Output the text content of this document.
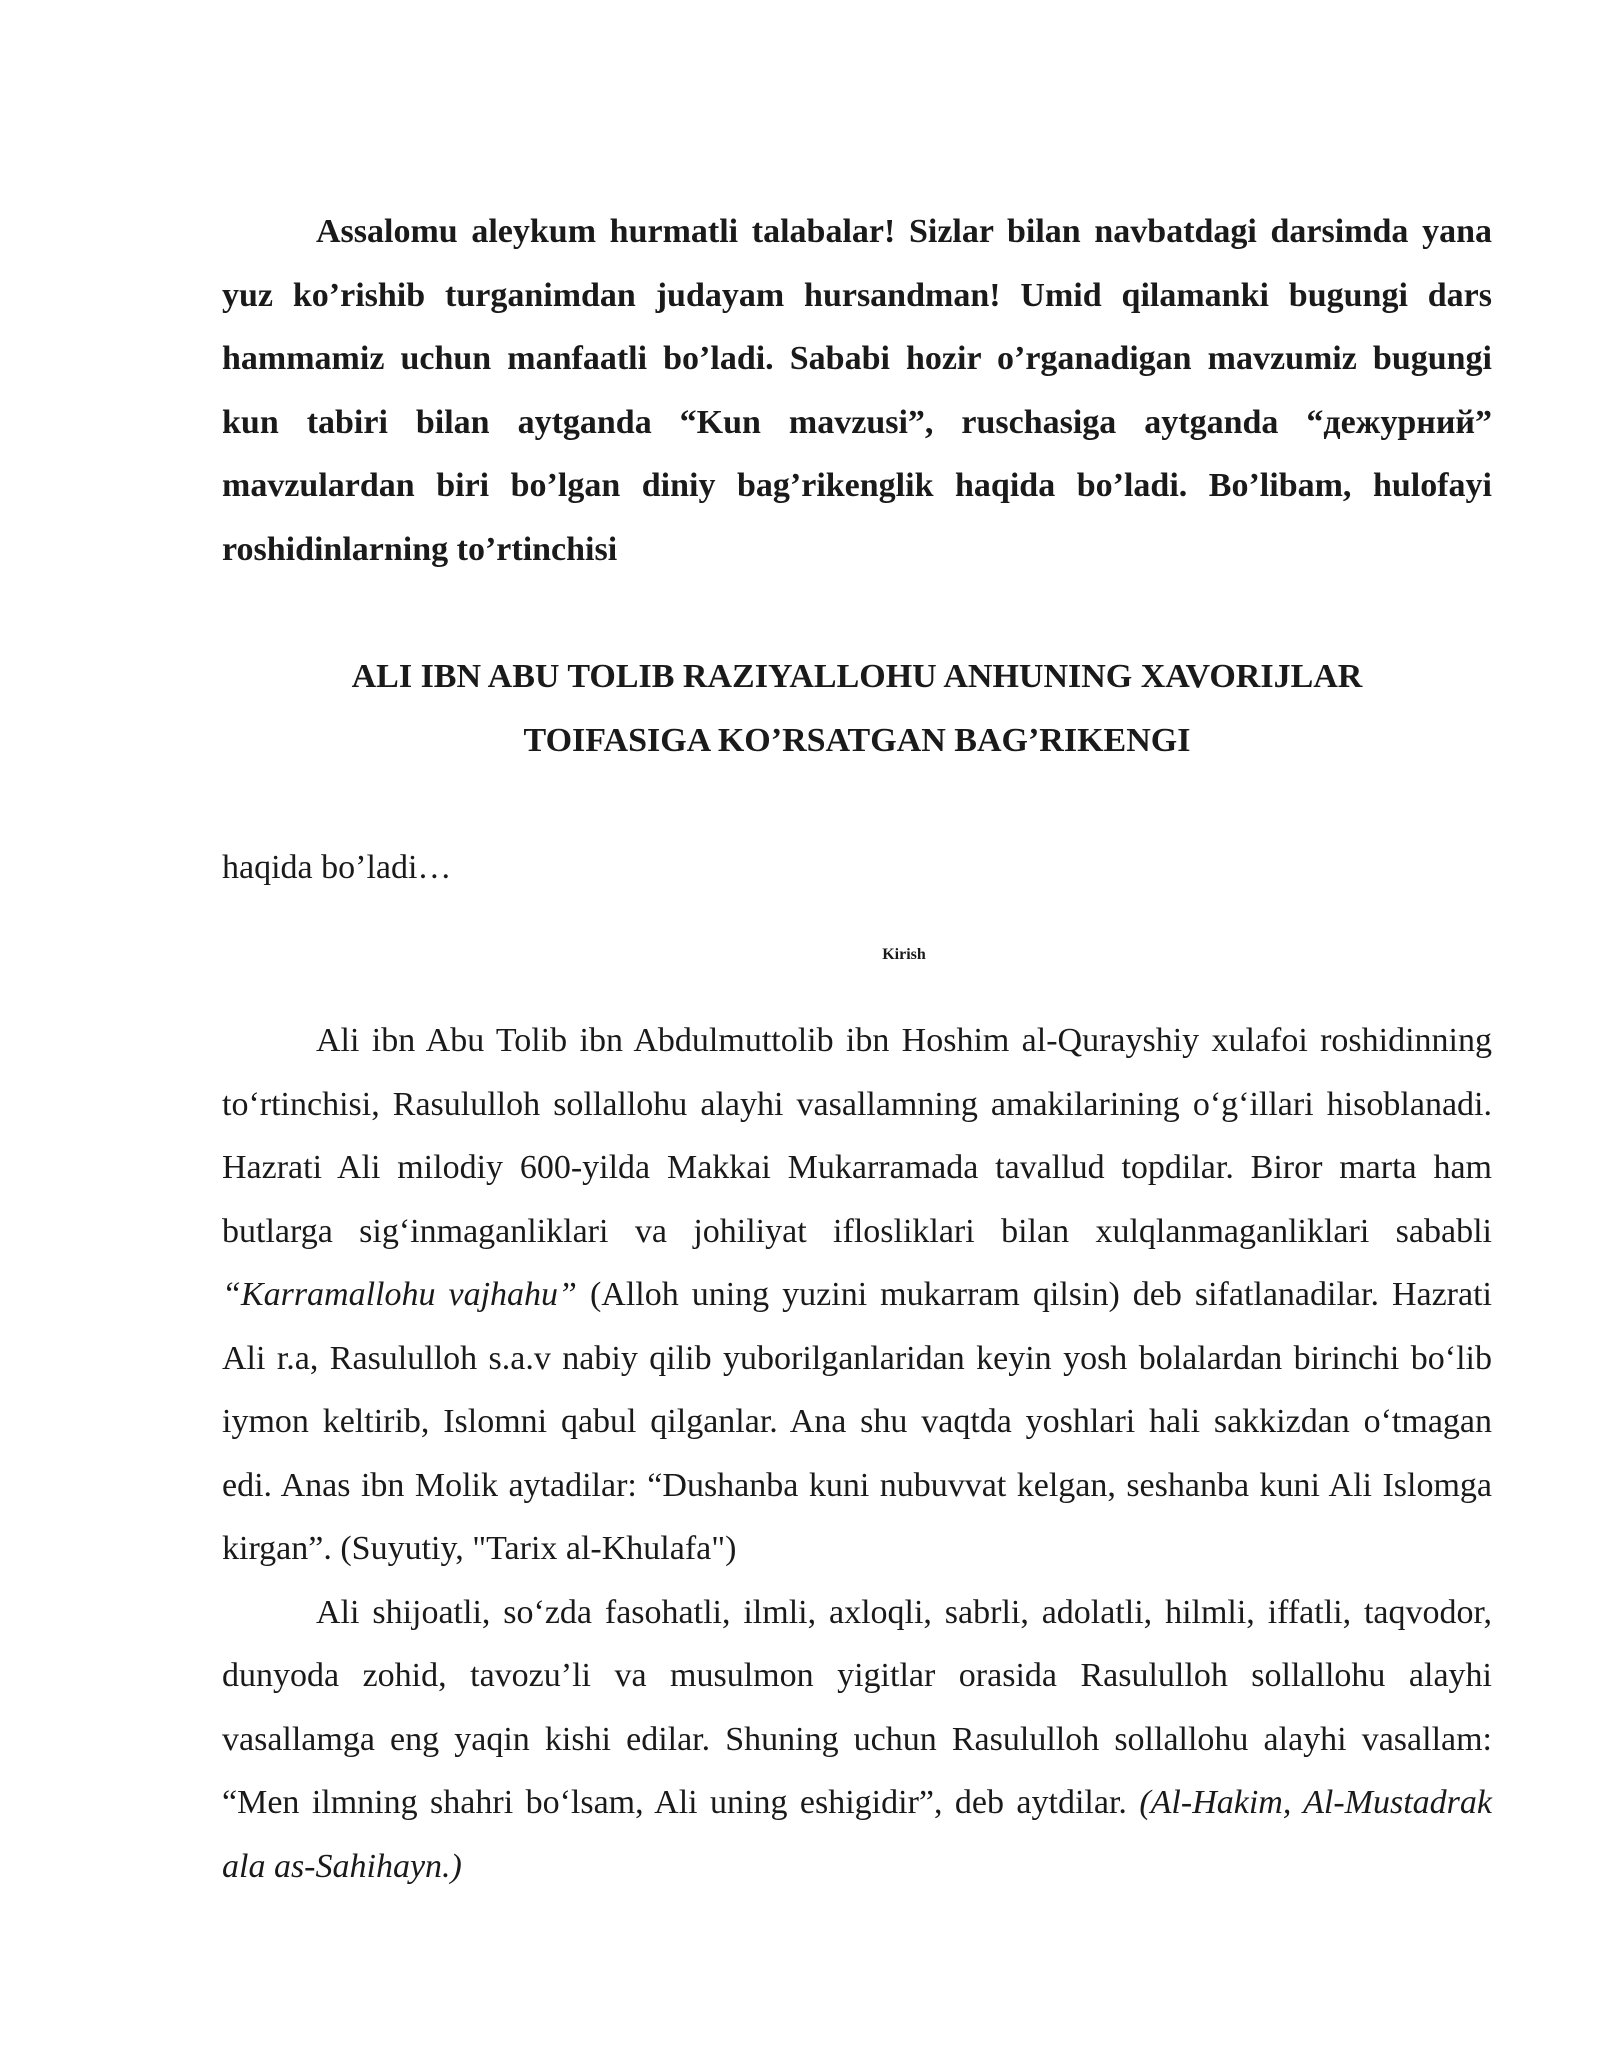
Assalomu aleykum hurmatli talabalar! Sizlar bilan navbatdagi darsimda yana yuz ko’rishib turganimdan judayam hursandman! Umid qilamanki bugungi dars hammamiz uchun manfaatli bo’ladi. Sababi hozir o’rganadigan mavzumiz bugungi kun tabiri bilan aytganda “Kun mavzusi”, ruschasiga aytganda “дежурний” mavzulardan biri bo’lgan diniy bag’rikenglik haqida bo’ladi. Bo’libam, hulofayi roshidinlarning to’rtinchisi

ALI IBN ABU TOLIB RAZIYALLOHU ANHUNING XAVORIJLAR
TOIFASIGA KO’RSATGAN BAG’RIKENGI

haqida bo’ladi…

Kirish

Ali ibn Abu Tolib ibn Abdulmuttolib ibn Hoshim al-Qurayshiy xulafoi roshidinning to‘rtinchisi, Rasululloh sollallohu alayhi vasallamning amakilarining o‘g‘illari hisoblanadi. Hazrati Ali milodiy 600-yilda Makkai Mukarramada tavallud topdilar. Biror marta ham butlarga sig‘inmaganliklari va johiliyat iflosliklari bilan xulqlanmaganliklari sababli “Karramallohu vajhahu” (Alloh uning yuzini mukarram qilsin) deb sifatlanadilar. Hazrati Ali r.a, Rasululloh s.a.v nabiy qilib yuborilganlaridan keyin yosh bolalardan birinchi bo‘lib iymon keltirib, Islomni qabul qilganlar. Ana shu vaqtda yoshlari hali sakkizdan o‘tmagan edi. Anas ibn Molik aytadilar: “Dushanba kuni nubuvvat kelgan, seshanba kuni Ali Islomga kirgan”. (Suyutiy, "Tarix al-Khulafa")

Ali shijoatli, so‘zda fasohatli, ilmli, axloqli, sabrli, adolatli, hilmli, iffatli, taqvodor, dunyoda zohid, tavozu’li va musulmon yigitlar orasida Rasululloh sollallohu alayhi vasallamga eng yaqin kishi edilar. Shuning uchun Rasululloh sollallohu alayhi vasallam: “Men ilmning shahri bo‘lsam, Ali uning eshigidir”, deb aytdilar. (Al-Hakim, Al-Mustadrak ala as-Sahihayn.)
